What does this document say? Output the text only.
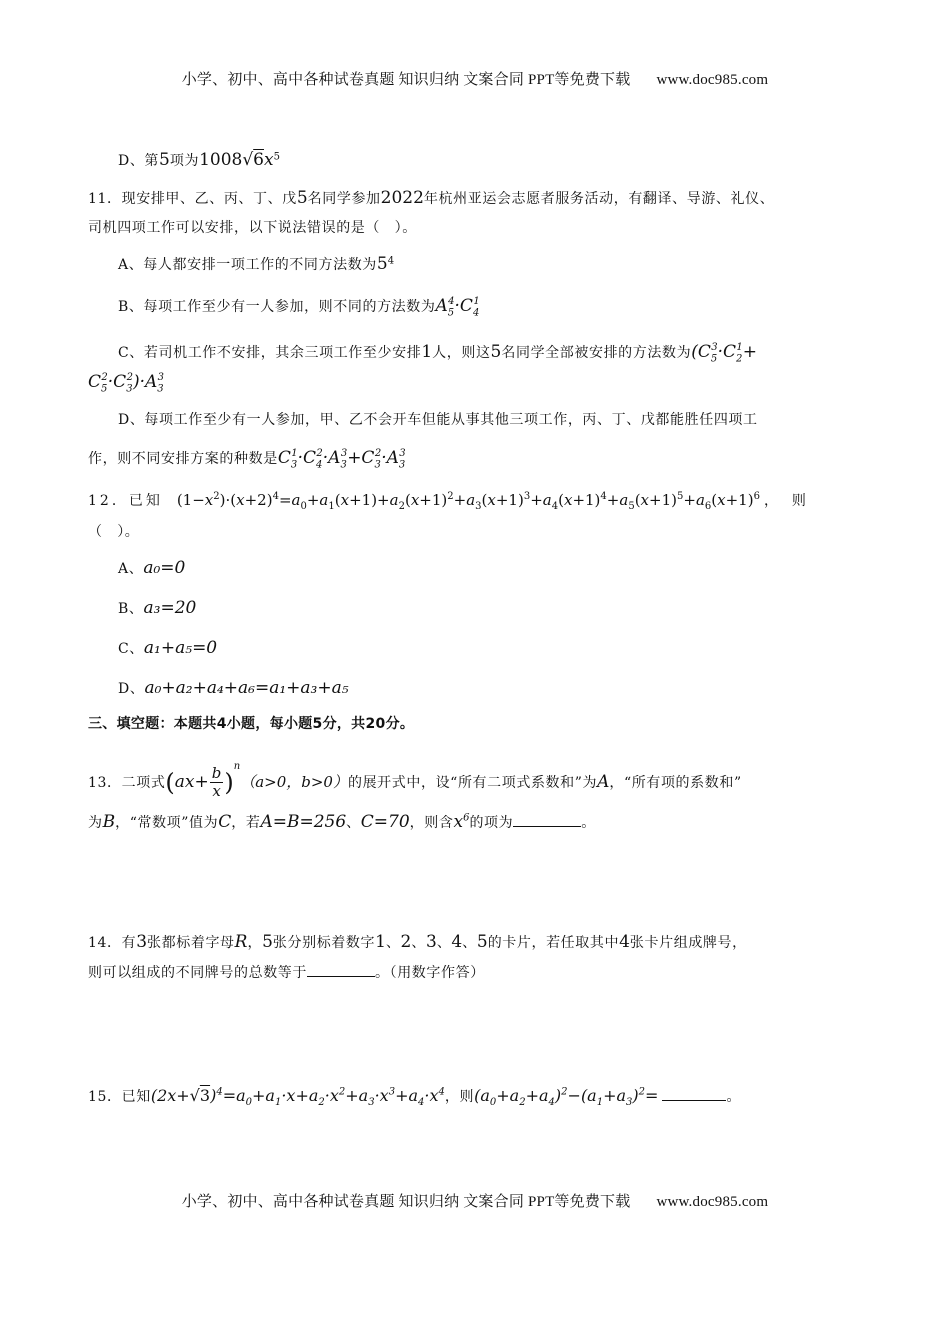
小学、初中、高中各种试卷真题 知识归纳 文案合同 PPT等免费下载 www.doc985.com
D、第5项为$1008√6x^5$
11．现安排甲、乙、丙、丁、戊5名同学参加2022年杭州亚运会志愿者服务活动，有翻译、导游、礼仪、
司机四项工作可以安排，以下说法错误的是（　）。
A、每人都安排一项工作的不同方法数为$5^4$
B、每项工作至少有一人参加，则不同的方法数为$A_5^4\cdot C_4^1$
C、若司机工作不安排，其余三项工作至少安排1人，则这5名同学全部被安排的方法数为($C_5^3\cdot C_2^1+$
$C_5^2\cdot C_3^2)\cdot A_3^3$
D、每项工作至少有一人参加，甲、乙不会开车但能从事其他三项工作，丙、丁、戊都能胜任四项工
作，则不同安排方案的种数是$C_3^1\cdot C_4^2\cdot A_3^3+C_3^2\cdot A_3^3$
12．已知 $(1-x^2)\cdot(x+2)^4=a_0+a_1(x+1)+a_2(x+1)^2+a_3(x+1)^3+a_4(x+1)^4+a_5(x+1)^5+a_6(x+1)^6$ ，则
（　）。
A、a₀=0
B、a₃=20
C、a₁+a₅=0
D、a₀+a₂+a₄+a₆=a₁+a₃+a₅
三、填空题：本题共4小题，每小题5分，共20分。
13．二项式$(ax+ \frac{b}{x} )^n(a>0$，b>0）的展开式中，设“所有二项式系数和”为A，“所有项的系数和”
为B，“常数项”值为C，若A=B=256、C=70，则含$x^6$的项为	。
14．有3张都标着字母R，5张分别标着数字1、2、3、4、5的卡片，若任取其中4张卡片组成牌号，
则可以组成的不同牌号的总数等于	。（用数字作答）
15．已知$(2x+√3)^4=a_0+a_1\cdot x+a_2\cdot x^2+a_3\cdot x^3+a_4\cdot x^4$，则$(a_0+a_2+a_4)^2-(a_1+a_3)^2=$	。
小学、初中、高中各种试卷真题 知识归纳 文案合同 PPT等免费下载 www.doc985.com
